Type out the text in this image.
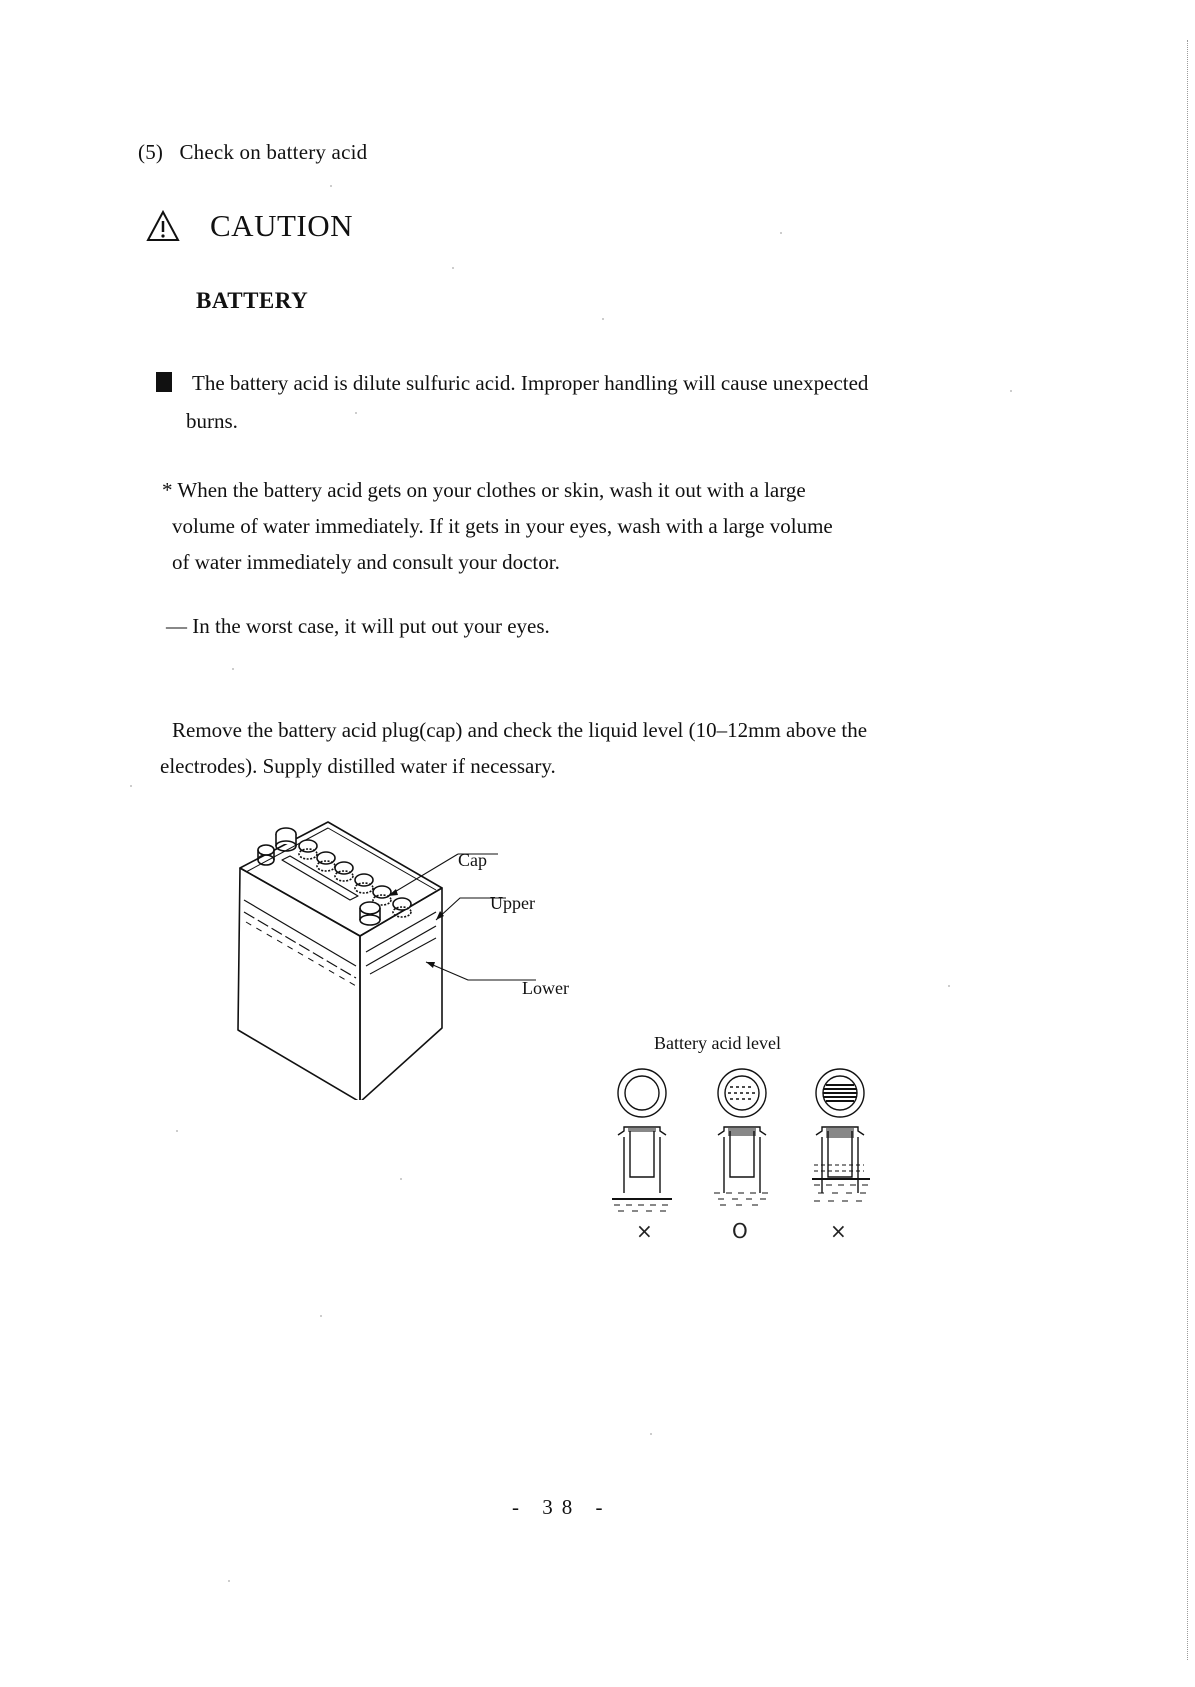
(5) Check on battery acid
CAUTION
BATTERY
The battery acid is dilute sulfuric acid. Improper handling will cause unexpected
burns.
* When the battery acid gets on your clothes or skin, wash it out with a large
volume of water immediately. If it gets in your eyes, wash with a large volume
of water immediately and consult your doctor.
— In the worst case, it will put out your eyes.
Remove the battery acid plug(cap) and check the liquid level (10–12mm above the
electrodes). Supply distilled water if necessary.
Cap
Upper
Lower
Battery acid level
×	O	×
- 38 -
